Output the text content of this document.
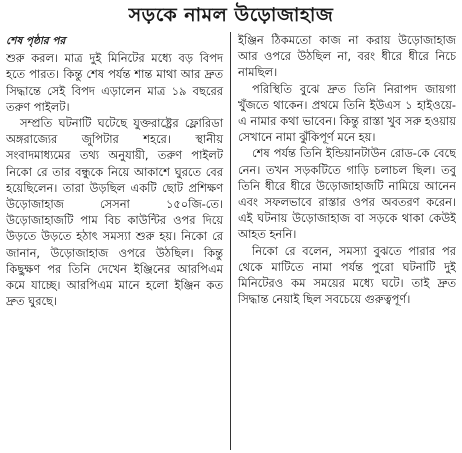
সড়কে নামল উড়োজাহাজ

শেষ পৃষ্ঠার পর
শুরু করল। মাত্র দুই মিনিটের মধ্যে বড় বিপদ হতে পারত। কিন্তু শেষ পর্যন্ত শান্ত মাথা আর দ্রুত সিদ্ধান্তে সেই বিপদ এড়ালেন মাত্র ১৯ বছরের তরুণ পাইলট।

সম্প্রতি ঘটনাটি ঘটেছে যুক্তরাষ্ট্রের ফ্লোরিডা অঙ্গরাজ্যের জুপিটার শহরে। স্থানীয় সংবাদমাধ্যমের তথ্য অনুযায়ী, তরুণ পাইলট নিকো রে তার বন্ধুকে নিয়ে আকাশে ঘুরতে বের হয়েছিলেন। তারা উড়ছিল একটি ছোট প্রশিক্ষণ উড়োজাহাজ সেসনা ১৫০জি-তে। উড়োজাহাজটি পাম বিচ কাউন্টির ওপর দিয়ে উড়তে উড়তে হঠাৎ সমস্যা শুরু হয়। নিকো রে জানান, উড়োজাহাজ ওপরে উঠছিল। কিন্তু কিছুক্ষণ পর তিনি দেখেন ইঞ্জিনের আরপিএম কমে যাচ্ছে। আরপিএম মানে হলো ইঞ্জিন কত দ্রুত ঘুরছে।

ইঞ্জিন ঠিকমতো কাজ না করায় উড়োজাহাজ আর ওপরে উঠছিল না, বরং ধীরে ধীরে নিচে নামছিল।

পরিস্থিতি বুঝে দ্রুত তিনি নিরাপদ জায়গা খুঁজতে থাকেন। প্রথমে তিনি ইউএস ১ হাইওয়ে-এ নামার কথা ভাবেন। কিন্তু রাস্তা খুব সরু হওয়ায় সেখানে নামা ঝুঁকিপূর্ণ মনে হয়।

শেষ পর্যন্ত তিনি ইন্ডিয়ানটাউন রোড-কে বেছে নেন। তখন সড়কটিতে গাড়ি চলাচল ছিল। তবু তিনি ধীরে ধীরে উড়োজাহাজটি নামিয়ে আনেন এবং সফলভাবে রাস্তার ওপর অবতরণ করেন। এই ঘটনায় উড়োজাহাজ বা সড়কে থাকা কেউই আহত হননি।

নিকো রে বলেন, সমস্যা বুঝতে পারার পর থেকে মাটিতে নামা পর্যন্ত পুরো ঘটনাটি দুই মিনিটেরও কম সময়ের মধ্যে ঘটে। তাই দ্রুত সিদ্ধান্ত নেয়াই ছিল সবচেয়ে গুরুত্বপূর্ণ।
